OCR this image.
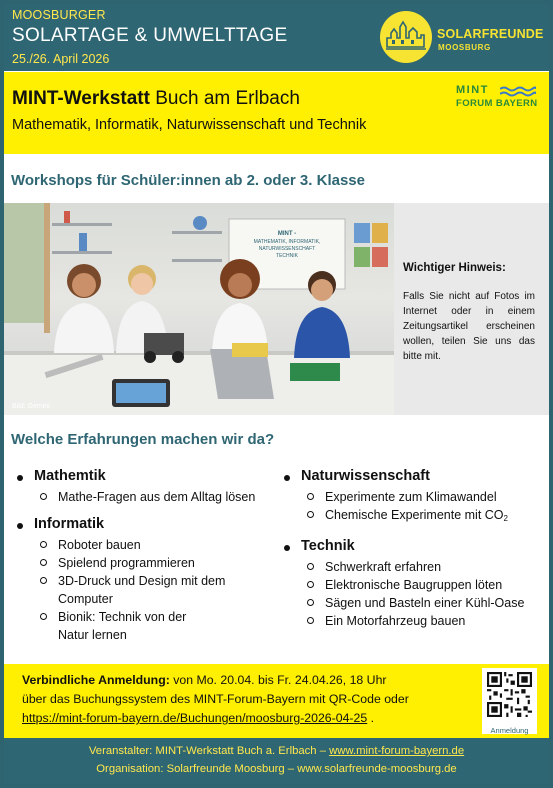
MOOSBURGER
SOLARTAGE & UMWELTTAGE
25./26. April 2026
SOLARFREUNDE
MOOSBURG
MINT-Werkstatt Buch am Erlbach
Mathematik, Informatik, Naturwissenschaft und Technik
MINT
FORUM BAYERN
Workshops für Schüler:innen ab 2. oder 3. Klasse
MINT -
MATHEMATIK, INFORMATIK,
NATURWISSENSCHAFT
TECHNIK
Bild: Gemini
Wichtiger Hinweis:
Falls Sie nicht auf Fotos im Internet oder in einem Zeitungsartikel erscheinen wollen, teilen Sie uns das bitte mit.
Welche Erfahrungen machen wir da?
Mathemtik
Mathe-Fragen aus dem Alltag lösen
Informatik
Roboter bauen
Spielend programmieren
3D-Druck und Design mit dem Computer
Bionik: Technik von der Natur lernen
Naturwissenschaft
Experimente zum Klimawandel
Chemische Experimente mit $CO_2$
Technik
Schwerkraft erfahren
Elektronische Baugruppen löten
Sägen und Basteln einer Kühl-Oase
Ein Motorfahrzeug bauen
Verbindliche Anmeldung: von Mo. 20.04. bis Fr. 24.04.26, 18 Uhr
über das Buchungssystem des MINT-Forum-Bayern mit QR-Code oder
https://mint-forum-bayern.de/Buchungen/moosburg-2026-04-25 .
Anmeldung
Veranstalter: MINT-Werkstatt Buch a. Erlbach – www.mint-forum-bayern.de
Organisation: Solarfreunde Moosburg – www.solarfreunde-moosburg.de
